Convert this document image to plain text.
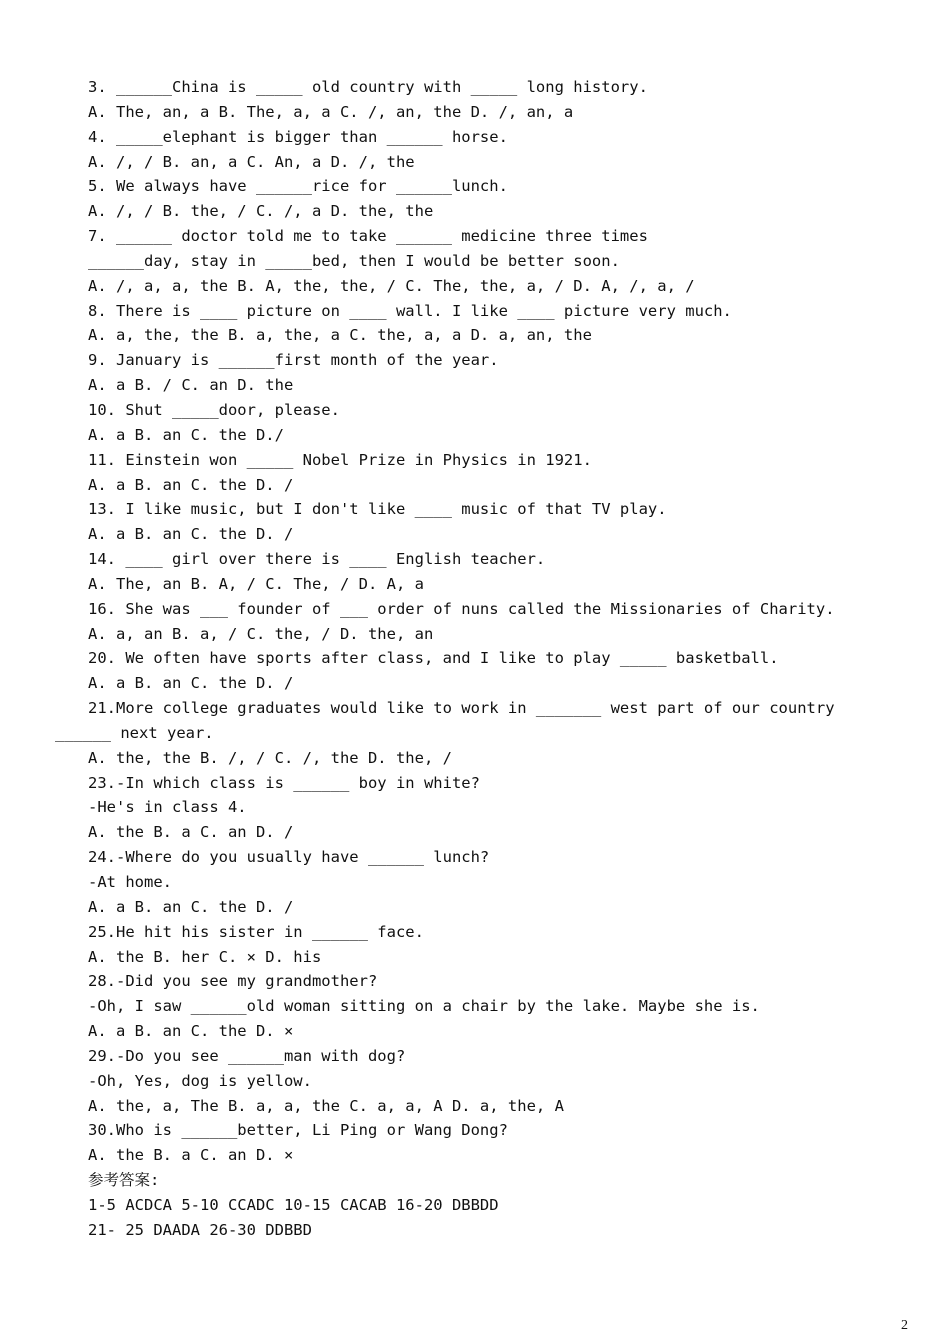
3. ______China is _____ old country with _____ long history.
A. The, an, a B. The, a, a C. /, an, the D. /, an, a
4. _____elephant is bigger than ______ horse.
A. /, / B. an, a C. An, a D. /, the
5. We always have ______rice for ______lunch.
A. /, / B. the, / C. /, a D. the, the
7. ______ doctor told me to take ______ medicine three times
______day, stay in _____bed, then I would be better soon.
A. /, a, a, the B. A, the, the, / C. The, the, a, / D. A, /, a, /
8. There is ____ picture on ____ wall. I like ____ picture very much.
A. a, the, the B. a, the, a C. the, a, a D. a, an, the
9. January is ______first month of the year.
A. a B. / C. an D. the
10. Shut _____door, please.
A. a B. an C. the D./
11. Einstein won _____ Nobel Prize in Physics in 1921.
A. a B. an C. the D. /
13. I like music, but I don't like ____ music of that TV play.
A. a B. an C. the D. /
14. ____ girl over there is ____ English teacher.
A. The, an B. A, / C. The, / D. A, a
16. She was ___ founder of ___ order of nuns called the Missionaries of Charity.
A. a, an B. a, / C. the, / D. the, an
20. We often have sports after class, and I like to play _____ basketball.
A. a B. an C. the D. /
21.More college graduates would like to work in _______ west part of our country
______ next year.
A. the, the B. /, / C. /, the D. the, /
23.-In which class is ______ boy in white?
-He's in class 4.
A. the B. a C. an D. /
24.-Where do you usually have ______ lunch?
-At home.
A. a B. an C. the D. /
25.He hit his sister in ______ face.
A. the B. her C. × D. his
28.-Did you see my grandmother?
-Oh, I saw ______old woman sitting on a chair by the lake. Maybe she is.
A. a B. an C. the D. ×
29.-Do you see ______man with dog?
-Oh, Yes, dog is yellow.
A. the, a, The B. a, a, the C. a, a, A D. a, the, A
30.Who is ______better, Li Ping or Wang Dong?
A. the B. a C. an D. ×
参考答案:
1-5 ACDCA 5-10 CCADC 10-15 CACAB 16-20 DBBDD
21- 25 DAADA 26-30 DDBBD
2
